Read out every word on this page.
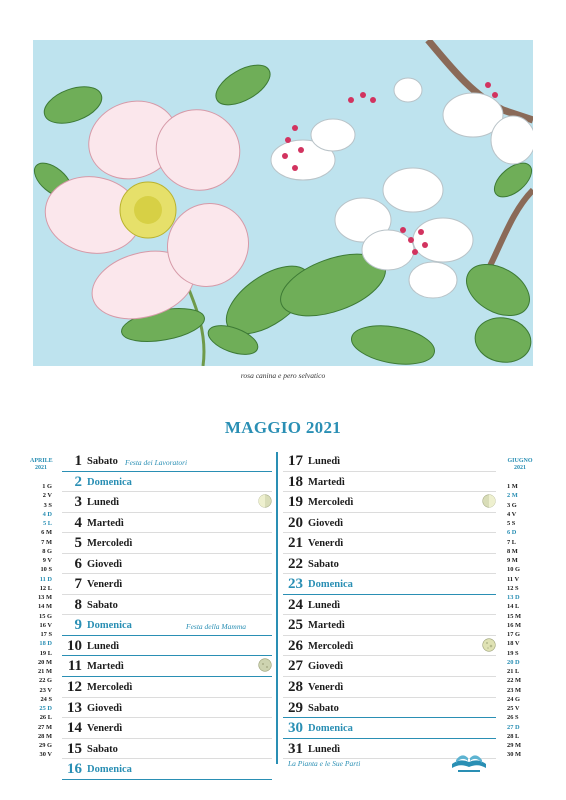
rosa canina e pero selvatico
MAGGIO 2021
APRILE
2021
1 G
2 V
3 S
4 D
5 L
6 M
7 M
8 G
9 V
10 S
11 D
12 L
13 M
14 M
15 G
16 V
17 S
18 D
19 L
20 M
21 M
22 G
23 V
24 S
25 D
26 L
27 M
28 M
29 G
30 V
GIUGNO
2021
1 M
2 M
3 G
4 V
5 S
6 D
7 L
8 M
9 M
10 G
11 V
12 S
13 D
14 L
15 M
16 M
17 G
18 V
19 S
20 D
21 L
22 M
23 M
24 G
25 V
26 S
27 D
28 L
29 M
30 M
1 Sabato Festa dei Lavoratori
2 Domenica
3 Lunedì
4 Martedì
5 Mercoledì
6 Giovedì
7 Venerdì
8 Sabato
9 Domenica	Festa della Mamma
10 Lunedì
11 Martedì
12 Mercoledì
13 Giovedì
14 Venerdì
15 Sabato
16 Domenica
17 Lunedì
18 Martedì
19 Mercoledì
20 Giovedì
21 Venerdì
22 Sabato
23 Domenica
24 Lunedì
25 Martedì
26 Mercoledì
27 Giovedì
28 Venerdì
29 Sabato
30 Domenica
31 Lunedì
La Pianta e le Sue Parti
